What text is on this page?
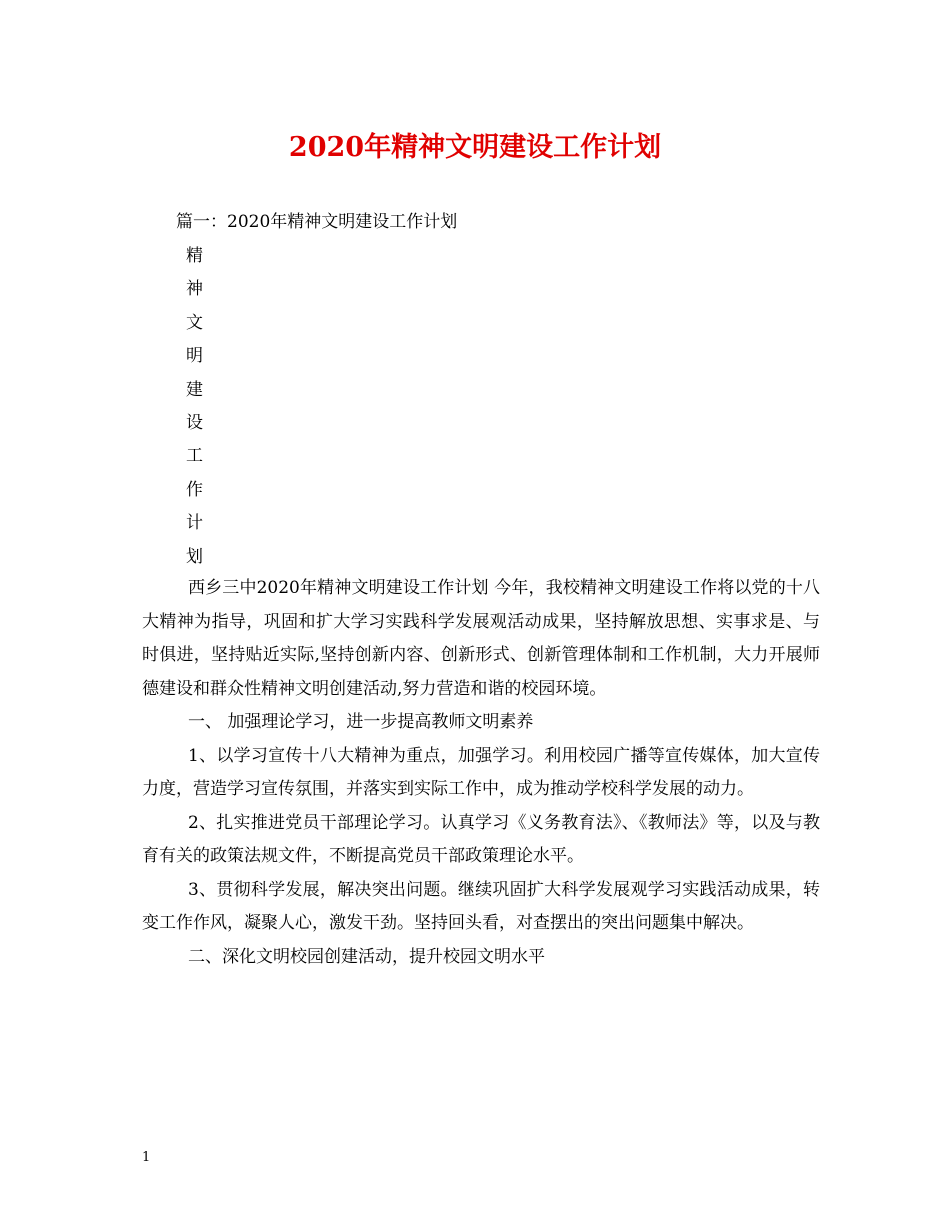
2020年精神文明建设工作计划
篇一：2020年精神文明建设工作计划
精
神
文
明
建
设
工
作
计
划

西乡三中2020年精神文明建设工作计划 今年，我校精神文明建设工作将以党的十八大精神为指导，巩固和扩大学习实践科学发展观活动成果，坚持解放思想、实事求是、与时俱进，坚持贴近实际,坚持创新内容、创新形式、创新管理体制和工作机制，大力开展师德建设和群众性精神文明创建活动,努力营造和谐的校园环境。

一、 加强理论学习，进一步提高教师文明素养

1、以学习宣传十八大精神为重点，加强学习。利用校园广播等宣传媒体，加大宣传力度，营造学习宣传氛围，并落实到实际工作中，成为推动学校科学发展的动力。

2、扎实推进党员干部理论学习。认真学习《义务教育法》、《教师法》等，以及与教育有关的政策法规文件，不断提高党员干部政策理论水平。

3、贯彻科学发展，解决突出问题。继续巩固扩大科学发展观学习实践活动成果，转变工作作风，凝聚人心，激发干劲。坚持回头看，对查摆出的突出问题集中解决。

二、深化文明校园创建活动，提升校园文明水平

1
